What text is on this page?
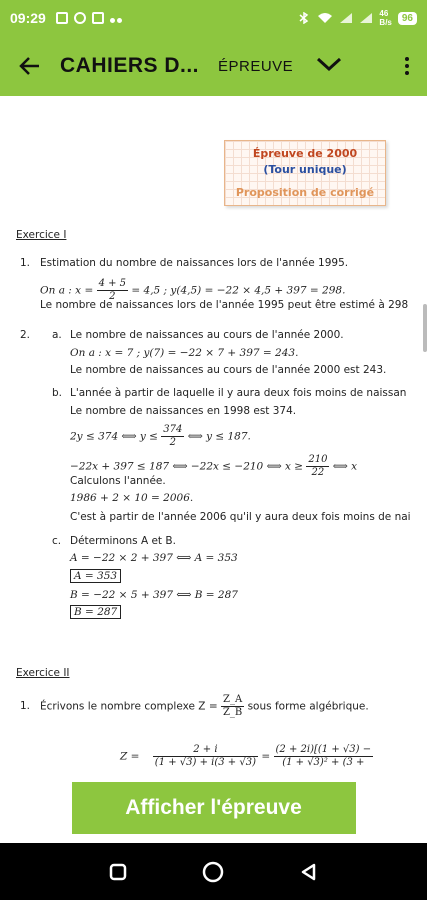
09:29	46
B/s	96
CAHIERS D...	ÉPREUVE
Épreuve de 2000
(Tour unique)
Proposition de corrigé
Exercice I
1. Estimation du nombre de naissances lors de l'année 1995.
On a : $x = \frac{4 + 5}{2} = 4,5$ ; y(4,5) = −22 × 4,5 + 397 = 298.
Le nombre de naissances lors de l'année 1995 peut être estimé à 298
2. a. Le nombre de naissances au cours de l'année 2000.
On a : x = 7 ; y(7) = −22 × 7 + 397 = 243.
Le nombre de naissances au cours de l'année 2000 est 243.
b. L'année à partir de laquelle il y aura deux fois moins de naissan
Le nombre de naissances en 1998 est 374.
2y ≤ 374 ⟺ $y \le \frac{374}{2}$ ⟺ y ≤ 187.
−22x + 397 ≤ 187 ⟺ −22x ≤ −210 ⟺ $x \ge \frac{210}{22}$ ⟺ x
Calculons l'année.
1986 + 2 × 10 = 2006.
C'est à partir de l'année 2006 qu'il y aura deux fois moins de nai
c. Déterminons A et B.
A = −22 × 2 + 397 ⟺ A = 353
A = 353
B = −22 × 5 + 397 ⟺ B = 287
B = 287
Exercice II
1. Écrivons le nombre complexe $Z = \frac{Z\_A}{Z\_B}$ sous forme algébrique.
$Z = \frac{2 + i}{(1 + √3) + i(3 + √3)} = \frac{(2 + 2i)[(1 + √3) -}{\text{(1 + √3)² + (3 +}}$
Afficher l'épreuve
